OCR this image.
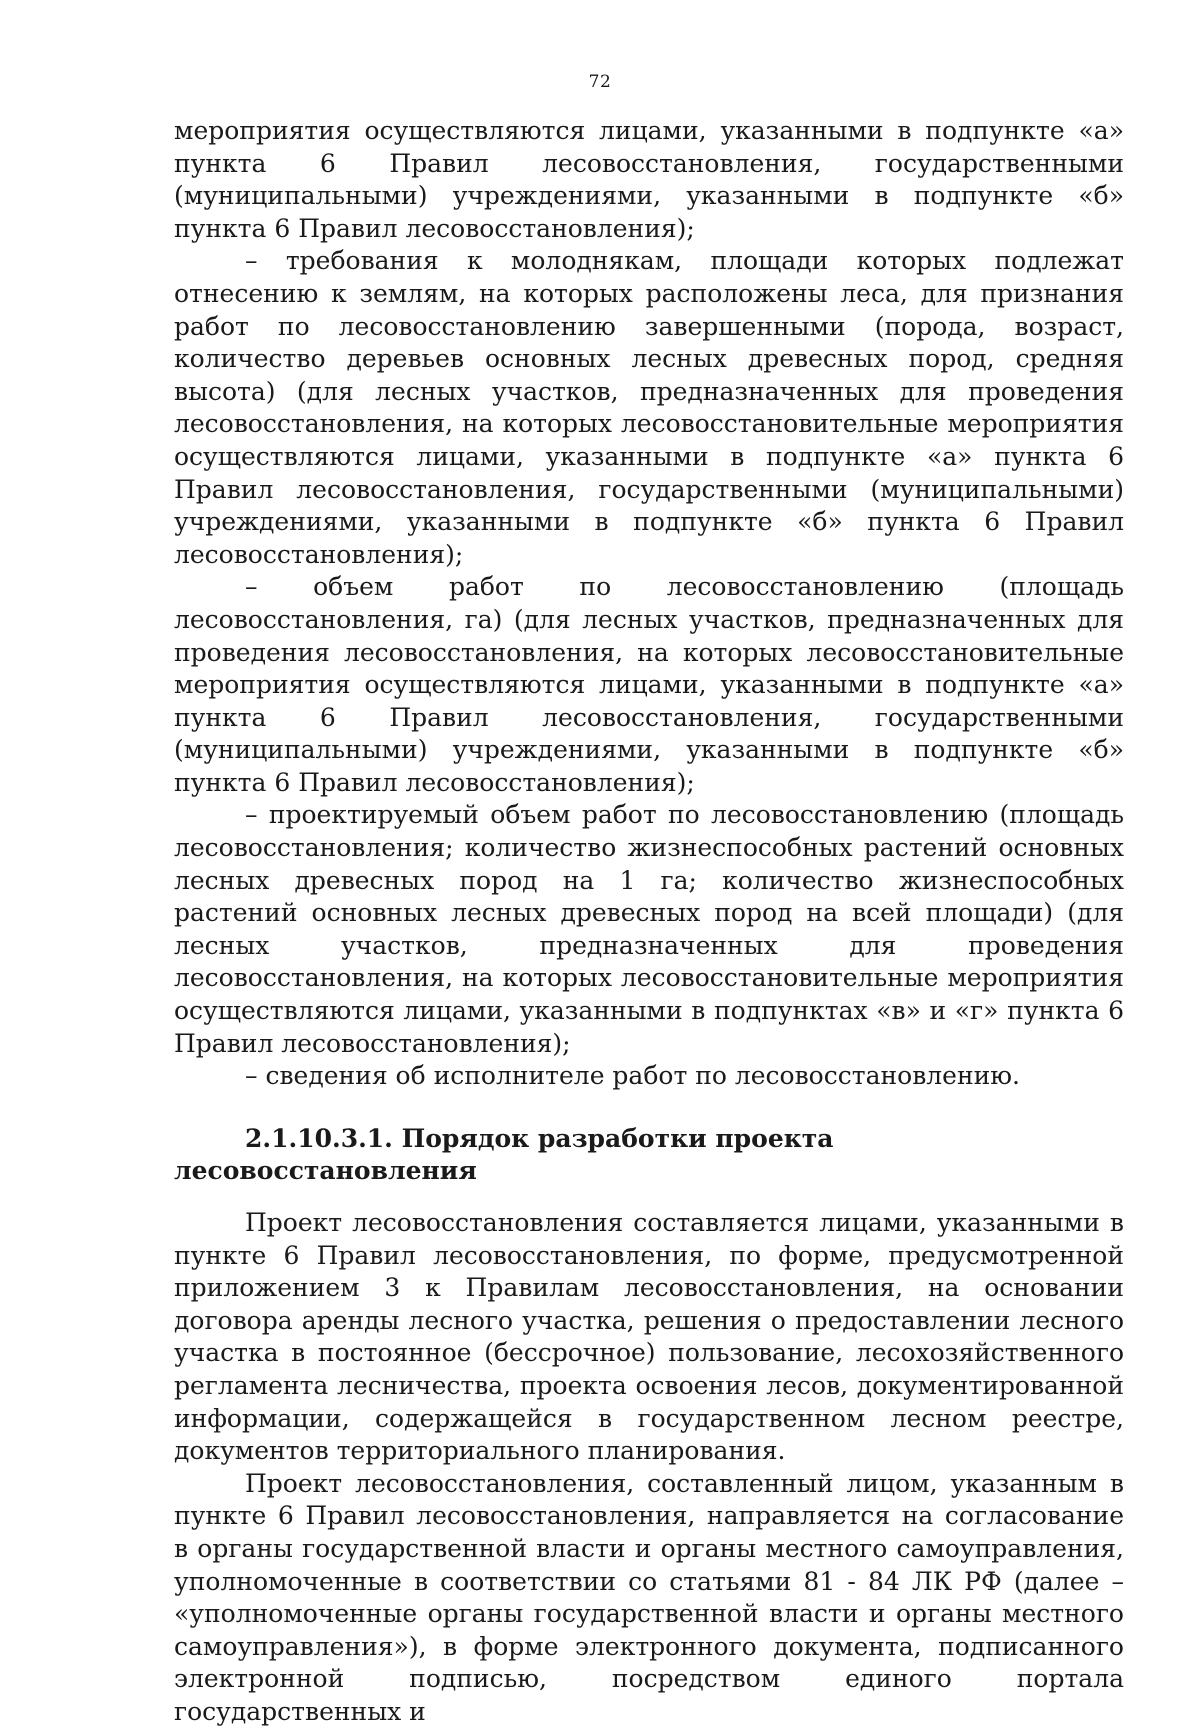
72

мероприятия осуществляются лицами, указанными в подпункте «а» пункта 6 Правил лесовосстановления, государственными (муниципальными) учреждениями, указанными в подпункте «б» пункта 6 Правил лесовосстановления);

– требования к молоднякам, площади которых подлежат отнесению к землям, на которых расположены леса, для признания работ по лесовосстановлению завершенными (порода, возраст, количество деревьев основных лесных древесных пород, средняя высота) (для лесных участков, предназначенных для проведения лесовосстановления, на которых лесовосстановительные мероприятия осуществляются лицами, указанными в подпункте «а» пункта 6 Правил лесовосстановления, государственными (муниципальными) учреждениями, указанными в подпункте «б» пункта 6 Правил лесовосстановления);

– объем работ по лесовосстановлению (площадь лесовосстановления, га) (для лесных участков, предназначенных для проведения лесовосстановления, на которых лесовосстановительные мероприятия осуществляются лицами, указанными в подпункте «а» пункта 6 Правил лесовосстановления, государственными (муниципальными) учреждениями, указанными в подпункте «б» пункта 6 Правил лесовосстановления);

– проектируемый объем работ по лесовосстановлению (площадь лесовосстановления; количество жизнеспособных растений основных лесных древесных пород на 1 га; количество жизнеспособных растений основных лесных древесных пород на всей площади) (для лесных участков, предназначенных для проведения лесовосстановления, на которых лесовосстановительные мероприятия осуществляются лицами, указанными в подпунктах «в» и «г» пункта 6 Правил лесовосстановления);

– сведения об исполнителе работ по лесовосстановлению.

2.1.10.3.1. Порядок разработки проекта лесовосстановления

Проект лесовосстановления составляется лицами, указанными в пункте 6 Правил лесовосстановления, по форме, предусмотренной приложением 3 к Правилам лесовосстановления, на основании договора аренды лесного участка, решения о предоставлении лесного участка в постоянное (бессрочное) пользование, лесохозяйственного регламента лесничества, проекта освоения лесов, документированной информации, содержащейся в государственном лесном реестре, документов территориального планирования.

Проект лесовосстановления, составленный лицом, указанным в пункте 6 Правил лесовосстановления, направляется на согласование в органы государственной власти и органы местного самоуправления, уполномоченные в соответствии со статьями 81 - 84 ЛК РФ (далее – «уполномоченные органы государственной власти и органы местного самоуправления»), в форме электронного документа, подписанного электронной подписью, посредством единого портала государственных и
